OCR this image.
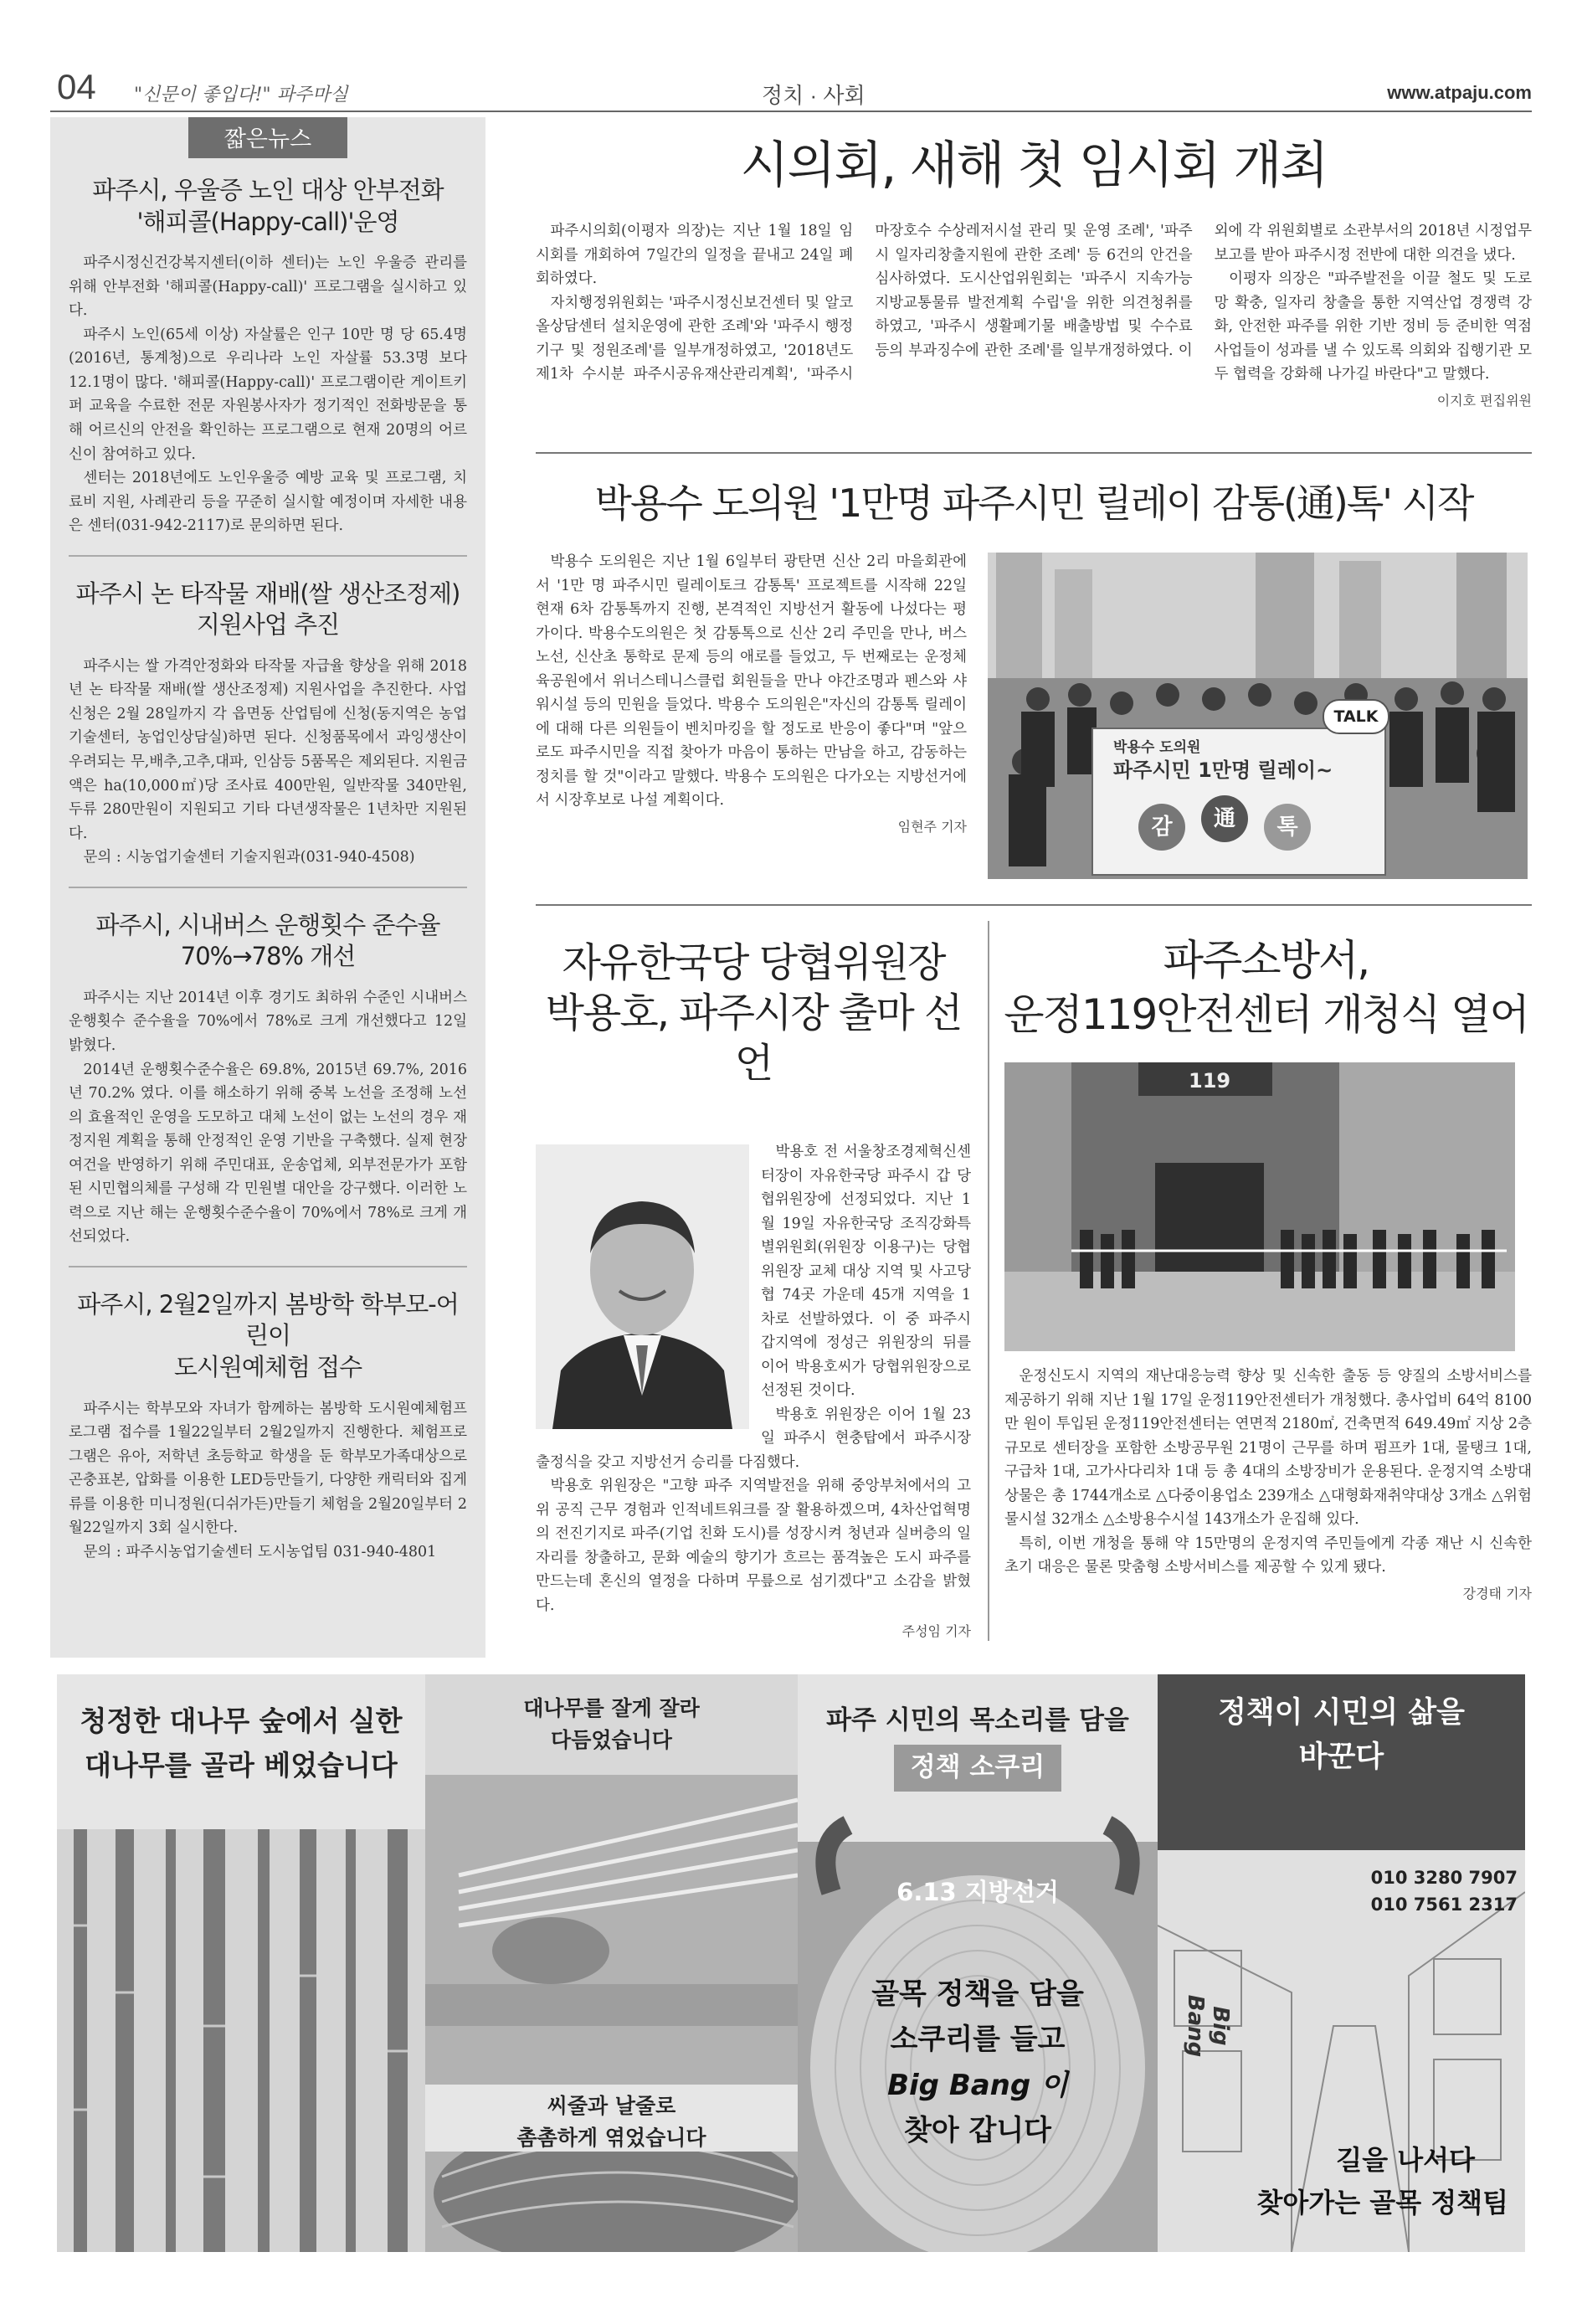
04 "신문이 좋입다!" 파주마실	정치 · 사회	www.atpaju.com
짧은뉴스
파주시, 우울증 노인 대상 안부전화
'해피콜(Happy-call)'운영

파주시정신건강복지센터(이하 센터)는 노인 우울증 관리를 위해 안부전화 '해피콜(Happy-call)' 프로그램을 실시하고 있다.

파주시 노인(65세 이상) 자살률은 인구 10만 명 당 65.4명(2016년, 통계청)으로 우리나라 노인 자살률 53.3명 보다 12.1명이 많다. '해피콜(Happy-call)' 프로그램이란 게이트키퍼 교육을 수료한 전문 자원봉사자가 정기적인 전화방문을 통해 어르신의 안전을 확인하는 프로그램으로 현재 20명의 어르신이 참여하고 있다.

센터는 2018년에도 노인우울증 예방 교육 및 프로그램, 치료비 지원, 사례관리 등을 꾸준히 실시할 예정이며 자세한 내용은 센터(031-942-2117)로 문의하면 된다.

파주시 논 타작물 재배(쌀 생산조정제)
지원사업 추진

파주시는 쌀 가격안정화와 타작물 자급율 향상을 위해 2018년 논 타작물 재배(쌀 생산조정제) 지원사업을 추진한다. 사업신청은 2월 28일까지 각 읍면동 산업팀에 신청(동지역은 농업기술센터, 농업인상담실)하면 된다. 신청품목에서 과잉생산이 우려되는 무,배추,고추,대파, 인삼등 5품목은 제외된다. 지원금액은 ha(10,000㎡)당 조사료 400만원, 일반작물 340만원, 두류 280만원이 지원되고 기타 다년생작물은 1년차만 지원된다.

문의 : 시농업기술센터 기술지원과(031-940-4508)

파주시, 시내버스 운행횟수 준수율
70%→78% 개선

파주시는 지난 2014년 이후 경기도 최하위 수준인 시내버스 운행횟수 준수율을 70%에서 78%로 크게 개선했다고 12일 밝혔다.

2014년 운행횟수준수율은 69.8%, 2015년 69.7%, 2016년 70.2% 였다. 이를 해소하기 위해 중복 노선을 조정해 노선의 효율적인 운영을 도모하고 대체 노선이 없는 노선의 경우 재정지원 계획을 통해 안정적인 운영 기반을 구축했다. 실제 현장 여건을 반영하기 위해 주민대표, 운송업체, 외부전문가가 포함된 시민협의체를 구성해 각 민원별 대안을 강구했다. 이러한 노력으로 지난 해는 운행횟수준수율이 70%에서 78%로 크게 개선되었다.

파주시, 2월2일까지 봄방학 학부모-어린이
도시원예체험 접수

파주시는 학부모와 자녀가 함께하는 봄방학 도시원예체험프로그램 접수를 1월22일부터 2월2일까지 진행한다. 체험프로그램은 유아, 저학년 초등학교 학생을 둔 학부모가족대상으로 곤충표본, 압화를 이용한 LED등만들기, 다양한 캐릭터와 집게류를 이용한 미니정원(디쉬가든)만들기 체험을 2월20일부터 2월22일까지 3회 실시한다.

문의 : 파주시농업기술센터 도시농업팀 031-940-4801

시의회, 새해 첫 임시회 개최

파주시의회(이평자 의장)는 지난 1월 18일 임시회를 개회하여 7일간의 일정을 끝내고 24일 폐회하였다.

자치행정위원회는 '파주시정신보건센터 및 알코올상담센터 설치운영에 관한 조례'와 '파주시 행정기구 및 정원조례'를 일부개정하였고, '2018년도 제1차 수시분 파주시공유재산관리계획', '파주시 마장호수 수상레저시설 관리 및 운영 조례', '파주시 일자리창출지원에 관한 조례' 등 6건의 안건을 심사하였다. 도시산업위원회는 '파주시 지속가능 지방교통물류 발전계획 수립'을 위한 의견청취를 하였고, '파주시 생활폐기물 배출방법 및 수수료 등의 부과징수에 관한 조례'를 일부개정하였다. 이외에 각 위원회별로 소관부서의 2018년 시정업무보고를 받아 파주시정 전반에 대한 의견을 냈다.

이평자 의장은 "파주발전을 이끌 철도 및 도로망 확충, 일자리 창출을 통한 지역산업 경쟁력 강화, 안전한 파주를 위한 기반 정비 등 준비한 역점사업들이 성과를 낼 수 있도록 의회와 집행기관 모두 협력을 강화해 나가길 바란다"고 말했다.

이지호 편집위원
박용수 도의원 '1만명 파주시민 릴레이 감통(通)톡' 시작

박용수 도의원은 지난 1월 6일부터 광탄면 신산 2리 마을회관에서 '1만 명 파주시민 릴레이토크 감통톡' 프로젝트를 시작해 22일 현재 6차 감통톡까지 진행, 본격적인 지방선거 활동에 나섰다는 평가이다. 박용수도의원은 첫 감통톡으로 신산 2리 주민을 만나, 버스노선, 신산초 통학로 문제 등의 애로를 들었고, 두 번째로는 운정체육공원에서 위너스테니스클럽 회원들을 만나 야간조명과 펜스와 샤워시설 등의 민원을 들었다. 박용수 도의원은"자신의 감통톡 릴레이에 대해 다른 의원들이 벤치마킹을 할 정도로 반응이 좋다"며 "앞으로도 파주시민을 직접 찾아가 마음이 통하는 만남을 하고, 감동하는 정치를 할 것"이라고 말했다. 박용수 도의원은 다가오는 지방선거에서 시장후보로 나설 계획이다.

임현주 기자
박용수 도의원
파주시민 1만명 릴레이~
TALK
감	通	톡
자유한국당 당협위원장
박용호, 파주시장 출마 선언

박용호 전 서울창조경제혁신센터장이 자유한국당 파주시 갑 당협위원장에 선정되었다. 지난 1월 19일 자유한국당 조직강화특별위원회(위원장 이용구)는 당협위원장 교체 대상 지역 및 사고당협 74곳 가운데 45개 지역을 1차로 선발하였다. 이 중 파주시 갑지역에 정성근 위원장의 뒤를 이어 박용호씨가 당협위원장으로 선정된 것이다.

박용호 위원장은 이어 1월 23일 파주시 현충탑에서 파주시장 출정식을 갖고 지방선거 승리를 다짐했다.

박용호 위원장은 "고향 파주 지역발전을 위해 중앙부처에서의 고위 공직 근무 경험과 인적네트워크를 잘 활용하겠으며, 4차산업혁명의 전진기지로 파주(기업 친화 도시)를 성장시켜 청년과 실버층의 일자리를 창출하고, 문화 예술의 향기가 흐르는 품격높은 도시 파주를 만드는데 혼신의 열정을 다하며 무릎으로 섬기겠다"고 소감을 밝혔다.

주성임 기자
파주소방서,
운정119안전센터 개청식 열어
119

운정신도시 지역의 재난대응능력 향상 및 신속한 출동 등 양질의 소방서비스를 제공하기 위해 지난 1월 17일 운정119안전센터가 개청했다. 총사업비 64억 8100만 원이 투입된 운정119안전센터는 연면적 2180㎡, 건축면적 649.49㎡ 지상 2층 규모로 센터장을 포함한 소방공무원 21명이 근무를 하며 펌프카 1대, 물탱크 1대, 구급차 1대, 고가사다리차 1대 등 총 4대의 소방장비가 운용된다. 운정지역 소방대상물은 총 1744개소로 △다중이용업소 239개소 △대형화재취약대상 3개소 △위험물시설 32개소 △소방용수시설 143개소가 운집해 있다.

특히, 이번 개청을 통해 약 15만명의 운정지역 주민들에게 각종 재난 시 신속한 초기 대응은 물론 맞춤형 소방서비스를 제공할 수 있게 됐다.

강경태 기자
청정한 대나무 숲에서 실한
대나무를 골라 베었습니다
대나무를 잘게 잘라
다듬었습니다
씨줄과 날줄로
촘촘하게 엮었습니다
파주 시민의 목소리를 담을
정책 소쿠리
6.13 지방선거
골목 정책을 담을
소쿠리를 들고
Big Bang 이
찾아 갑니다
정책이 시민의 삶을
바꾼다
010 3280 7907
010 7561 2317
Big Bang
길을 나서다
찾아가는 골목 정책팀
